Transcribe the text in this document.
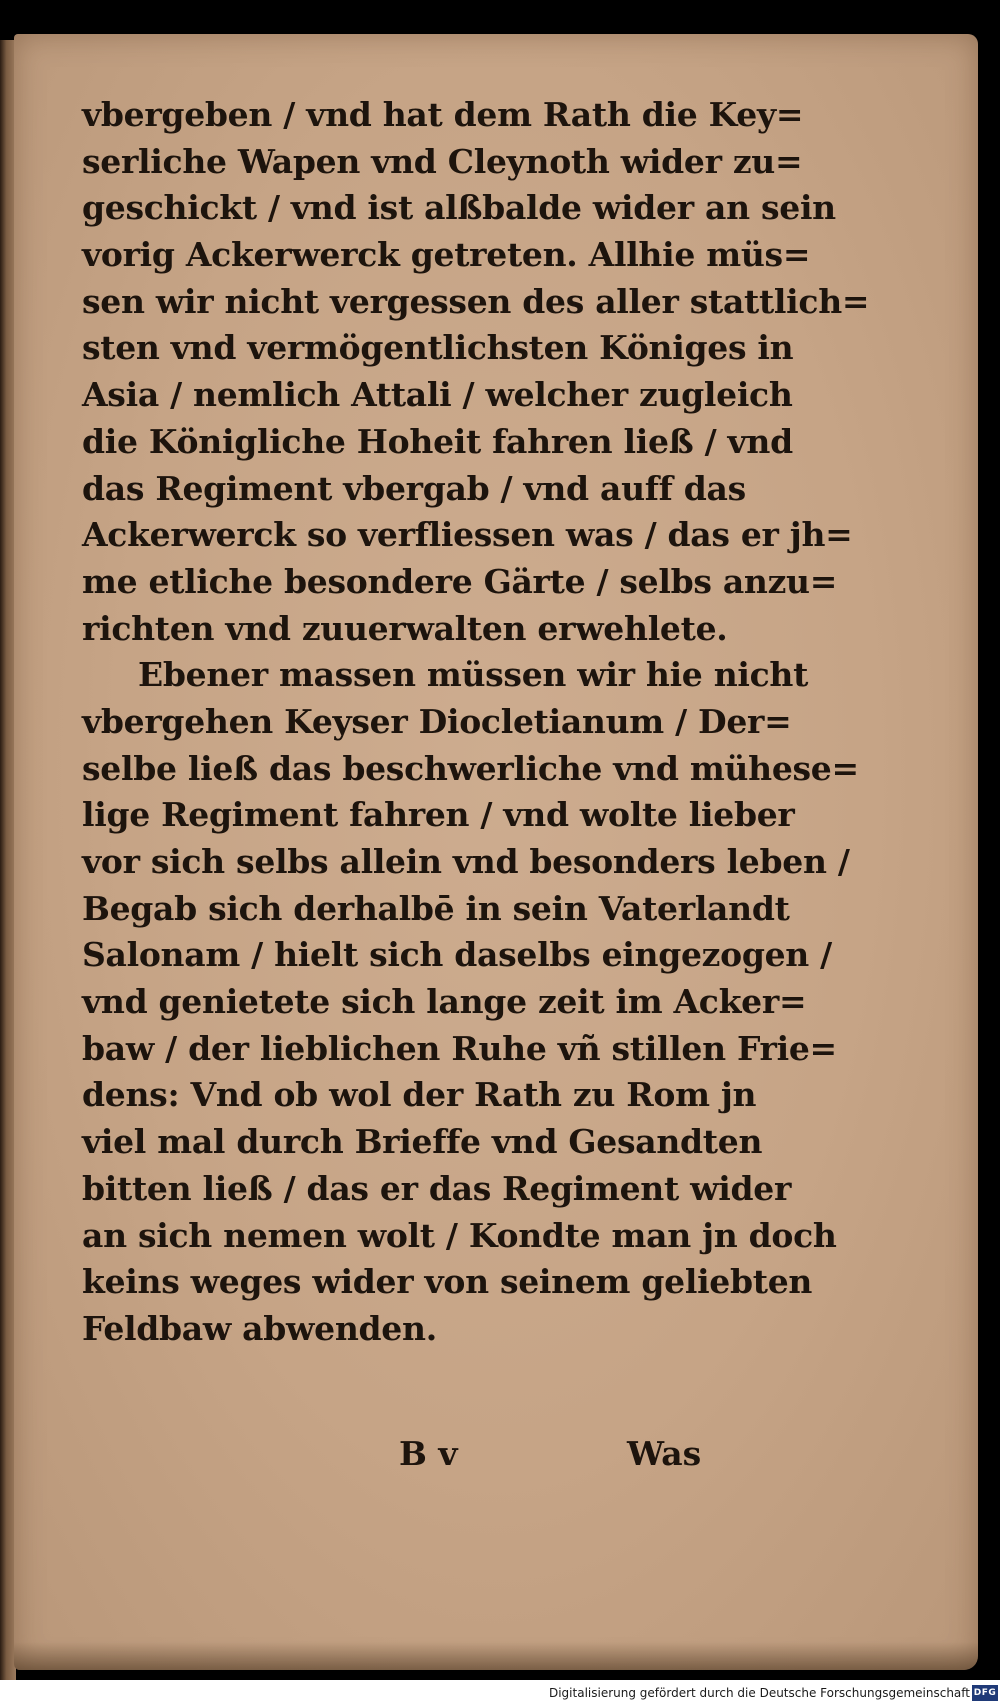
vbergeben / vnd hat dem Rath die Key=
serliche Wapen vnd Cleynoth wider zu=
geschickt / vnd ist alßbalde wider an sein
vorig Ackerwerck getreten. Allhie müs=
sen wir nicht vergessen des aller stattlich=
sten vnd vermögentlichsten Königes in
Asia / nemlich Attali / welcher zugleich
die Königliche Hoheit fahren ließ / vnd
das Regiment vbergab / vnd auff das
Ackerwerck so verfliessen was / das er jh=
me etliche besondere Gärte / selbs anzu=
richten vnd zuuerwalten erwehlete.
Ebener massen müssen wir hie nicht
vbergehen Keyser Diocletianum / Der=
selbe ließ das beschwerliche vnd mühese=
lige Regiment fahren / vnd wolte lieber
vor sich selbs allein vnd besonders leben /
Begab sich derhalbē in sein Vaterlandt
Salonam / hielt sich daselbs eingezogen /
vnd genietete sich lange zeit im Acker=
baw / der lieblichen Ruhe vñ stillen Frie=
dens: Vnd ob wol der Rath zu Rom jn
viel mal durch Brieffe vnd Gesandten
bitten ließ / das er das Regiment wider
an sich nemen wolt / Kondte man jn doch
keins weges wider von seinem geliebten
Feldbaw abwenden.
B v	Was
Digitalisierung gefördert durch die Deutsche Forschungsgemeinschaft DFG
